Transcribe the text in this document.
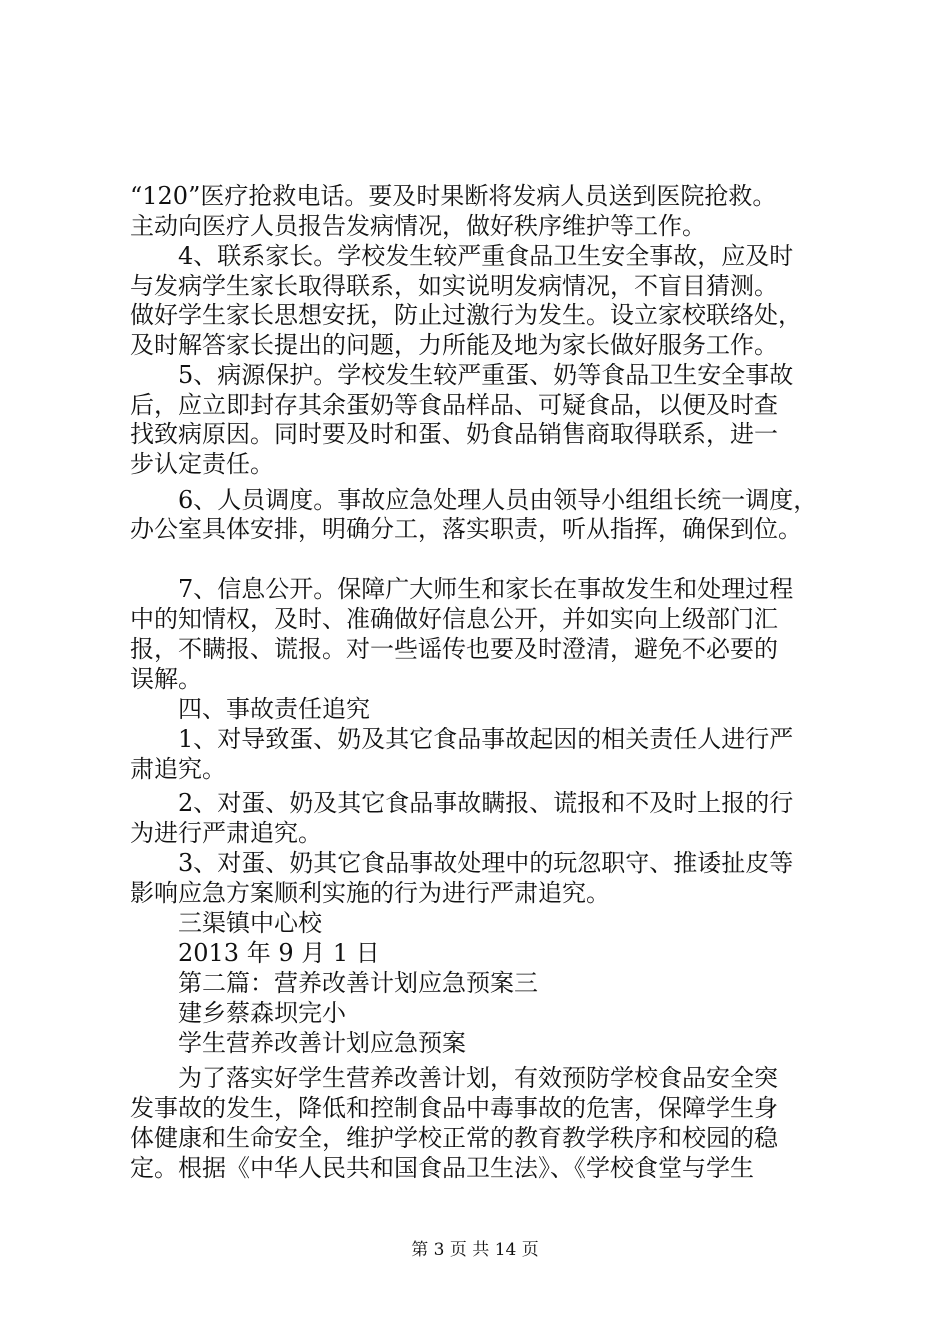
“120”医疗抢救电话。要及时果断将发病人员送到医院抢救。
主动向医疗人员报告发病情况，做好秩序维护等工作。
4、联系家长。学校发生较严重食品卫生安全事故，应及时
与发病学生家长取得联系，如实说明发病情况，不盲目猜测。
做好学生家长思想安抚，防止过激行为发生。设立家校联络处，
及时解答家长提出的问题，力所能及地为家长做好服务工作。
5、病源保护。学校发生较严重蛋、奶等食品卫生安全事故
后，应立即封存其余蛋奶等食品样品、可疑食品，以便及时查
找致病原因。同时要及时和蛋、奶食品销售商取得联系，进一
步认定责任。
6、人员调度。事故应急处理人员由领导小组组长统一调度，
办公室具体安排，明确分工，落实职责，听从指挥，确保到位。
7、信息公开。保障广大师生和家长在事故发生和处理过程
中的知情权，及时、准确做好信息公开，并如实向上级部门汇
报，不瞒报、谎报。对一些谣传也要及时澄清，避免不必要的
误解。
四、事故责任追究
1、对导致蛋、奶及其它食品事故起因的相关责任人进行严
肃追究。
2、对蛋、奶及其它食品事故瞒报、谎报和不及时上报的行
为进行严肃追究。
3、对蛋、奶其它食品事故处理中的玩忽职守、推诿扯皮等
影响应急方案顺利实施的行为进行严肃追究。
三渠镇中心校
2013 年 9 月 1 日
第二篇：营养改善计划应急预案三
建乡蔡森坝完小
学生营养改善计划应急预案
为了落实好学生营养改善计划，有效预防学校食品安全突
发事故的发生，降低和控制食品中毒事故的危害，保障学生身
体健康和生命安全，维护学校正常的教育教学秩序和校园的稳
定。根据《中华人民共和国食品卫生法》、《学校食堂与学生
第 3 页 共 14 页
